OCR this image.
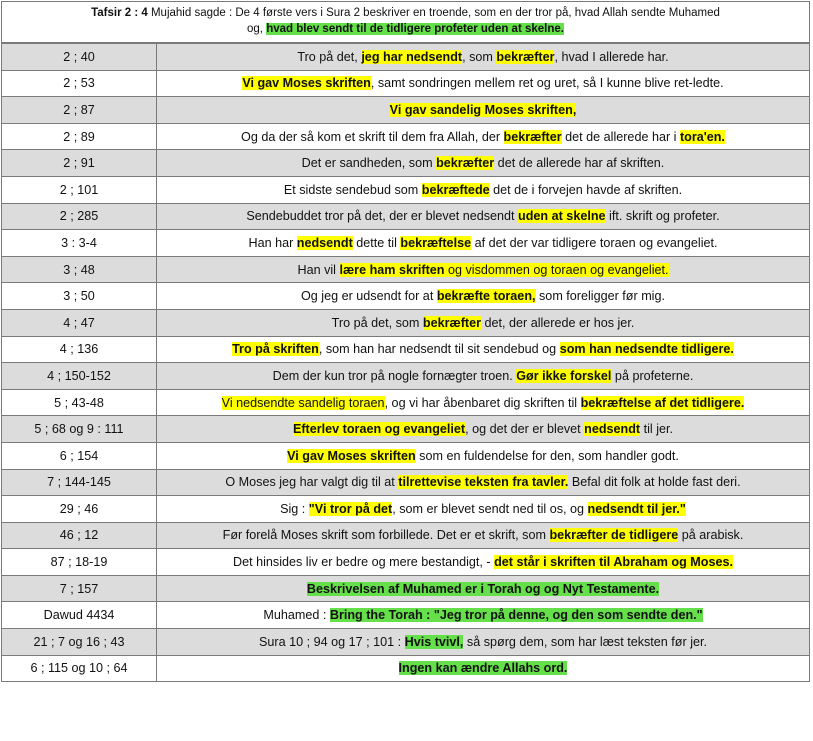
Tafsir 2 : 4 Mujahid sagde : De 4 første vers i Sura 2 beskriver en troende, som en der tror på, hvad Allah sendte Muhamed
og, hvad blev sendt til de tidligere profeter uden at skelne.
2 ; 40	Tro på det, jeg har nedsendt, som bekræfter, hvad I allerede har.
2 ; 53	Vi gav Moses skriften, samt sondringen mellem ret og uret, så I kunne blive ret-ledte.
2 ; 87	Vi gav sandelig Moses skriften,
2 ; 89	Og da der så kom et skrift til dem fra Allah, der bekræfter det de allerede har i tora'en.
2 ; 91	Det er sandheden, som bekræfter det de allerede har af skriften.
2 ; 101	Et sidste sendebud som bekræftede det de i forvejen havde af skriften.
2 ; 285	Sendebuddet tror på det, der er blevet nedsendt uden at skelne ift. skrift og profeter.
3 : 3-4	Han har nedsendt dette til bekræftelse af det der var tidligere toraen og evangeliet.
3 ; 48	Han vil lære ham skriften og visdommen og toraen og evangeliet.
3 ; 50	Og jeg er udsendt for at bekræfte toraen, som foreligger før mig.
4 ; 47	Tro på det, som bekræfter det, der allerede er hos jer.
4 ; 136	Tro på skriften, som han har nedsendt til sit sendebud og som han nedsendte tidligere.
4 ; 150-152	Dem der kun tror på nogle fornægter troen. Gør ikke forskel på profeterne.
5 ; 43-48	Vi nedsendte sandelig toraen, og vi har åbenbaret dig skriften til bekræftelse af det tidligere.
5 ; 68 og 9 : 111	Efterlev toraen og evangeliet, og det der er blevet nedsendt til jer.
6 ; 154	Vi gav Moses skriften som en fuldendelse for den, som handler godt.
7 ; 144-145	O Moses jeg har valgt dig til at tilrettevise teksten fra tavler. Befal dit folk at holde fast deri.
29 ; 46	Sig : "Vi tror på det, som er blevet sendt ned til os, og nedsendt til jer."
46 ; 12	Før forelå Moses skrift som forbillede. Det er et skrift, som bekræfter de tidligere på arabisk.
87 ; 18-19	Det hinsides liv er bedre og mere bestandigt, - det står i skriften til Abraham og Moses.
7 ; 157	Beskrivelsen af Muhamed er i Torah og og Nyt Testamente.
Dawud 4434	Muhamed : Bring the Torah : "Jeg tror på denne, og den som sendte den."
21 ; 7 og 16 ; 43	Sura 10 ; 94 og 17 ; 101 : Hvis tvivl, så spørg dem, som har læst teksten før jer.
6 ; 115 og 10 ; 64	Ingen kan ændre Allahs ord.
